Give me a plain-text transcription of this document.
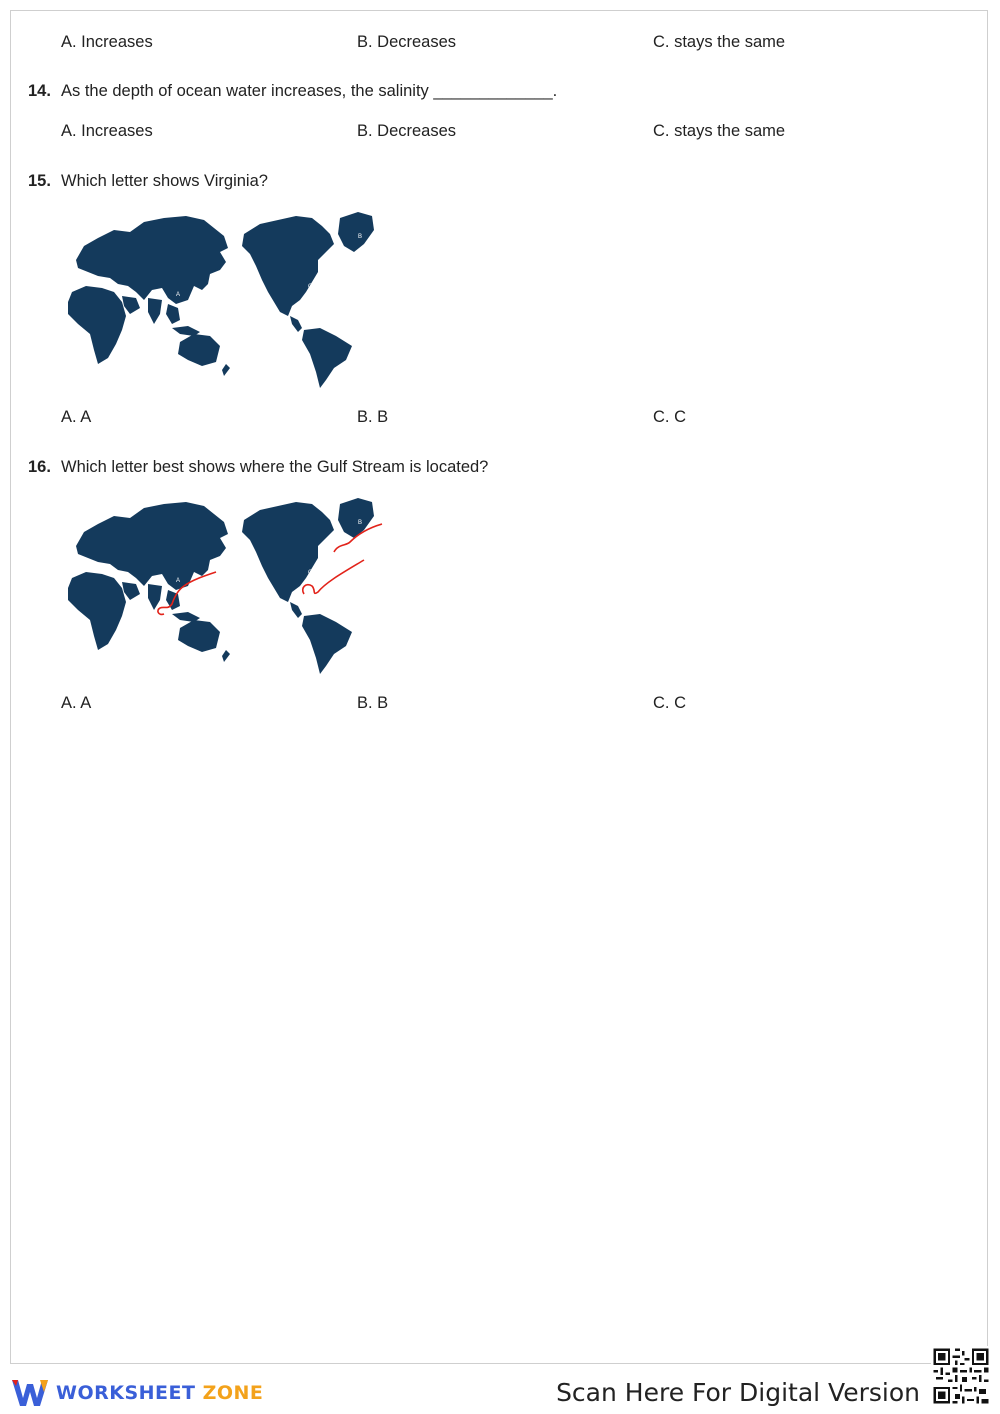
A. Increases	B. Decreases	C. stays the same
14. As the depth of ocean water increases, the salinity _____________.
A. Increases	B. Decreases	C. stays the same
15. Which letter shows Virginia?
A
B
C
A. A	B. B	C. C
16. Which letter best shows where the Gulf Stream is located?
A
B
C
A. A	B. B	C. C
WORKSHEET ZONE	Scan Here For Digital Version
